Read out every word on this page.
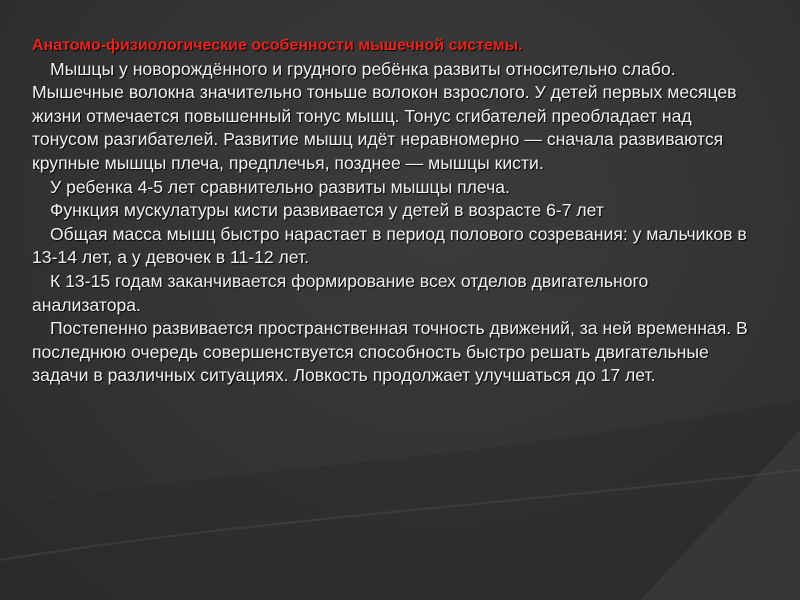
Анатомо-физиологические особенности мышечной системы.

Мышцы у новорождённого и грудного ребёнка развиты относительно слабо. Мышечные волокна значительно тоньше волокон взрослого. У детей первых месяцев жизни отмечается повышенный тонус мышц. Тонус сгибателей преобладает над тонусом разгибателей. Развитие мышц идёт неравномерно — сначала развиваются крупные мышцы плеча, предплечья, позднее — мышцы кисти.

У ребенка 4-5 лет сравнительно развиты мышцы плеча.

Функция мускулатуры кисти развивается у детей в возрасте 6-7 лет

Общая масса мышц быстро нарастает в период полового созревания: у мальчиков в 13-14 лет, а у девочек в 11-12 лет.

К 13-15 годам заканчивается формирование всех отделов двигательного анализатора.

Постепенно развивается пространственная точность движений, за ней временная. В последнюю очередь совершенствуется способность быстро решать двигательные задачи в различных ситуациях. Ловкость продолжает улучшаться до 17 лет.
